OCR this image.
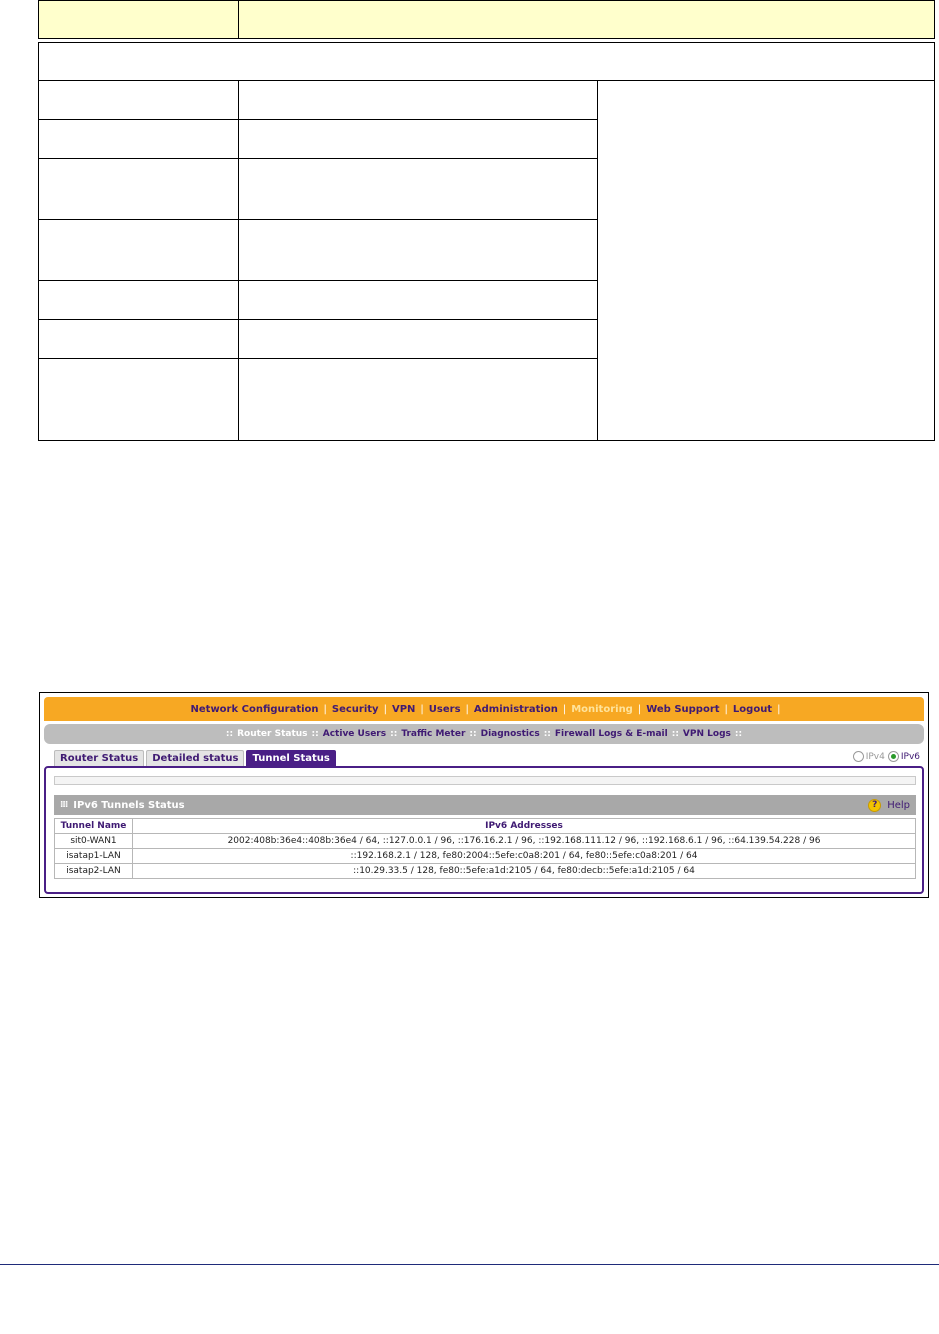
Network Configuration | Security | VPN | Users | Administration | Monitoring | Web Support | Logout |
:: Router Status :: Active Users :: Traffic Meter :: Diagnostics :: Firewall Logs & E-mail :: VPN Logs ::
Router Status	Detailed status	Tunnel Status	IPv4 IPv6
⁞⁞⁞ IPv6 Tunnels Status	? Help
Tunnel Name	IPv6 Addresses
sit0-WAN1	2002:408b:36e4::408b:36e4 / 64, ::127.0.0.1 / 96, ::176.16.2.1 / 96, ::192.168.111.12 / 96, ::192.168.6.1 / 96, ::64.139.54.228 / 96
isatap1-LAN	::192.168.2.1 / 128, fe80:2004::5efe:c0a8:201 / 64, fe80::5efe:c0a8:201 / 64
isatap2-LAN	::10.29.33.5 / 128, fe80::5efe:a1d:2105 / 64, fe80:decb::5efe:a1d:2105 / 64
